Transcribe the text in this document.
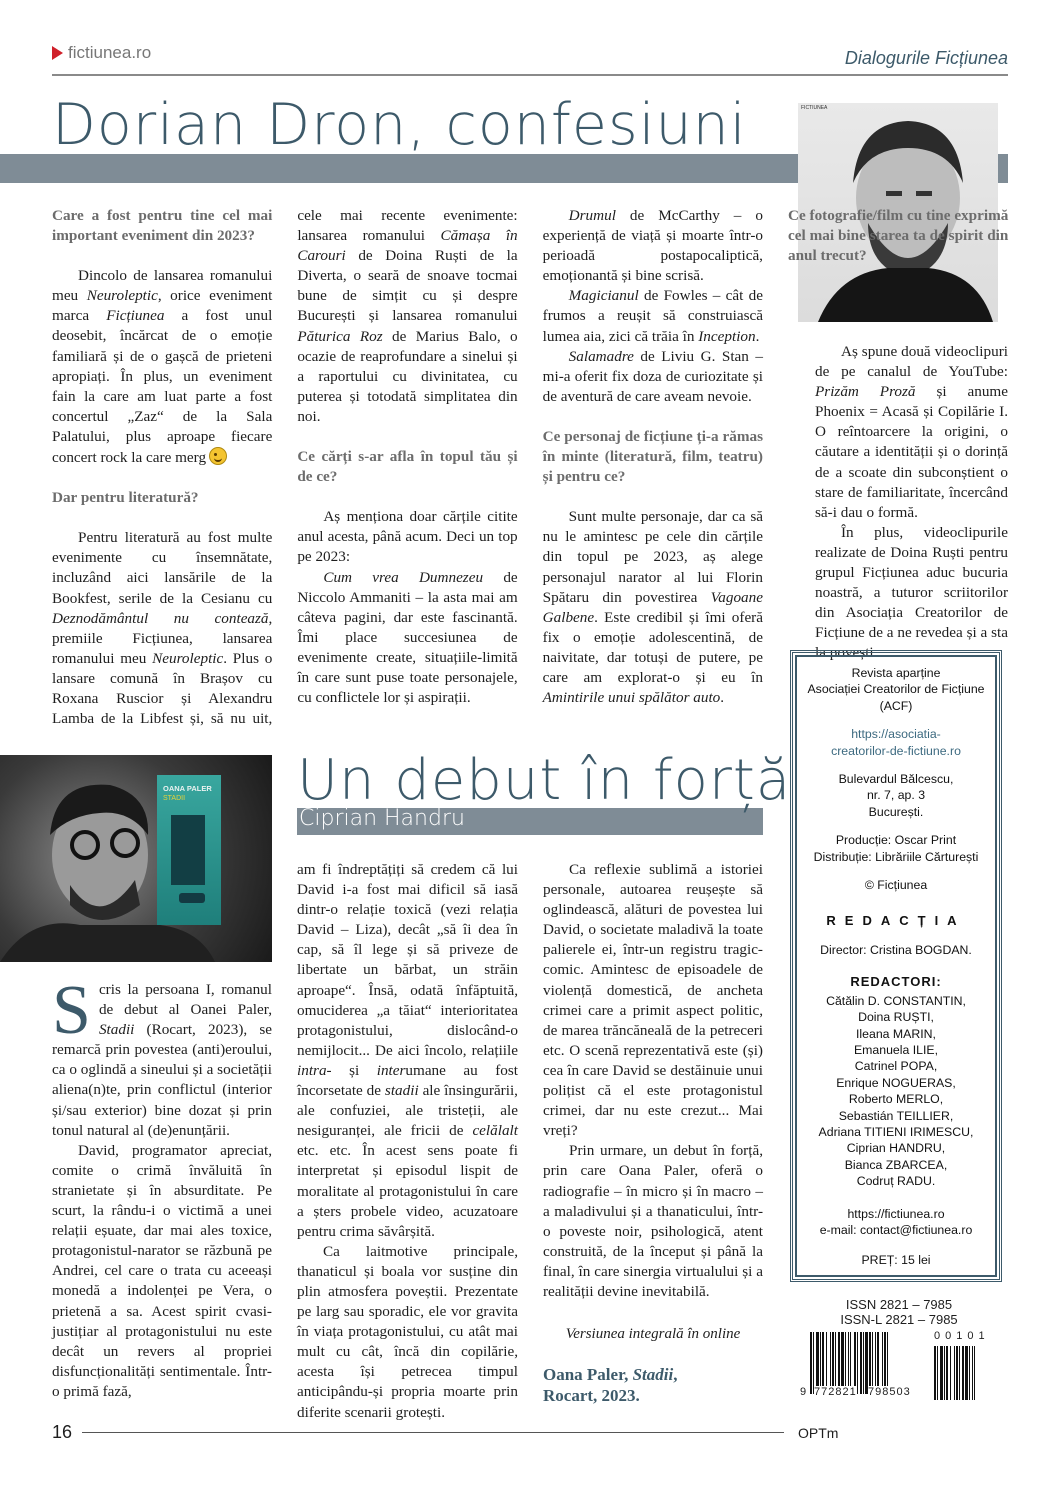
fictiunea.ro	Dialogurile Ficțiunea
Dorian Dron, confesiuni	FICTIUNEA

Care a fost pentru tine cel mai important eveniment din 2023?

Dincolo de lansarea romanului meu Neuroleptic, orice eveniment marca Ficțiunea a fost unul deosebit, încărcat de o emoție familiară și de o gașcă de prieteni apropiați. În plus, un eveniment fain la care am luat parte a fost concertul „Zaz“ de la Sala Palatului, plus aproape fiecare concert rock la care merg

Dar pentru literatură?

Pentru literatură au fost multe evenimente cu însemnătate, incluzând aici lansările de la Bookfest, serile de la Cesianu cu Deznodământul nu contează, premiile Ficțiunea, lansarea romanului meu Neuroleptic. Plus o lansare comună în Brașov cu Roxana Ruscior și Alexandru Lamba de la Libfest și, să nu uit, cele mai recente evenimente: lansarea romanului Cămașa în Carouri de Doina Ruști de la Diverta, o seară de snoave tocmai bune de simțit cu și despre București și lansarea romanului Păturica Roz de Marius Balo, o ocazie de reaprofundare a sinelui și a raportului cu divinitatea, cu puterea și totodată simplitatea din noi.

Ce cărți s-ar afla în topul tău și de ce?

Aș menționa doar cărțile citite anul acesta, până acum. Deci un top pe 2023:

Cum vrea Dumnezeu de Niccolo Ammaniti – la asta mai am câteva pagini, dar este fascinantă. Îmi place succesiunea de evenimente create, situațiile-limită în care sunt puse toate personajele, cu conflictele lor și aspirații.

Drumul de McCarthy – o experiență de viață și moarte într-o perioadă postapocaliptică, emoționantă și bine scrisă.

Magicianul de Fowles – cât de frumos a reușit să construiască lumea aia, zici că trăia în Inception.

Salamadre de Liviu G. Stan – mi-a oferit fix doza de curiozitate și de aventură de care aveam nevoie.

Ce personaj de ficțiune ți-a rămas în minte (literatură, film, teatru) și pentru ce?

Sunt multe personaje, dar ca să nu le amintesc pe cele din cărțile din topul pe 2023, aș alege personajul narator al lui Florin Spătaru din povestirea Vagoane Galbene. Este credibil și îmi oferă fix o emoție adolescentină, de naivitate, dar totuși de putere, pe care am explorat-o și eu în Amintirile unui spălător auto.

Ce fotografie/film cu tine exprimă cel mai bine starea ta de spirit din anul trecut?

Aș spune două videoclipuri de pe canalul de YouTube: Prizăm Proză și anume Phoenix = Acasă și Copilărie I. O reîntoarcere la origini, o căutare a identității și o dorință de a scoate din subconștient o stare de familiaritate, încercând să-i dau o formă.

În plus, videoclipurile realizate de Doina Ruști pentru grupul Ficțiunea aduc bucuria noastră, a tuturor scriitorilor din Asociația Creatorilor de Ficțiune de a ne revedea și a sta la povești.

Revista aparține
Asociației Creatorilor de Ficțiune
(ACF)
https://asociatia-
creatorilor-de-fictiune.ro
Bulevardul Bălcescu,
nr. 7, ap. 3
București.
Producție: Oscar Print
Distribuție: Librăriile Cărturești
© Ficțiunea
REDACȚIA
Director: Cristina BOGDAN.
REDACTORI:
Cătălin D. CONSTANTIN,
Doina RUȘTI,
Ileana MARIN,
Emanuela ILIE,
Catrinel POPA,
Enrique NOGUERAS,
Roberto MERLO,
Sebastián TEILLIER,
Adriana TITIENI IRIMESCU,
Ciprian HANDRU,
Bianca ZBARCEA,
Codruț RADU.
https://fictiunea.ro
e-mail: contact@fictiunea.ro
PREȚ: 15 lei
ISSN 2821 – 7985
ISSN-L 2821 – 7985
9 772821 798503
00101
OANA PALER
STADII Un debut în forță
Ciprian Handru

Scris la persoana I, romanul de debut al Oanei Paler, Stadii (Rocart, 2023), se remarcă prin povestea (anti)eroului, ca o oglindă a sineului și a societății aliena(n)te, prin conflictul (interior și/sau exterior) bine dozat și prin tonul natural al (de)enunțării.

David, programator apreciat, comite o crimă învăluită în stranietate și în absurditate. Pe scurt, la rându-i o victimă a unei relații eșuate, dar mai ales toxice, protagonistul-narator se răzbună pe Andrei, cel care o trata cu aceeași monedă a indolenței pe Vera, o prietenă a sa. Acest spirit cvasi-justițiar al protagonistului nu este decât un revers al propriei disfuncționalități sentimentale. Într-o primă fază,

am fi îndreptățiți să credem că lui David i-a fost mai dificil să iasă dintr-o relație toxică (vezi relația David – Liza), decât „să îi dea în cap, să îl lege și să priveze de libertate un bărbat, un străin aproape“. Însă, odată înfăptuită, omuciderea „a tăiat“ interioritatea protagonistului, dislocând-o nemijlocit... De aici încolo, relațiile intra- și interumane au fost încorsetate de stadii ale însingurării, ale confuziei, ale tristeții, ale nesiguranței, ale fricii de celălalt etc. etc. În acest sens poate fi interpretat și episodul lispit de moralitate al protagonistului în care a șters probele video, acuzatoare pentru crima săvârșită.

Ca laitmotive principale, thanaticul și boala vor susține din plin atmosfera poveștii. Prezentate pe larg sau sporadic, ele vor gravita în viața protagonistului, cu atât mai mult cu cât, încă din copilărie, acesta își petrecea timpul anticipându-și propria moarte prin diferite scenarii grotești.

Ca reflexie sublimă a istoriei personale, autoarea reușește să oglindească, alături de povestea lui David, o societate maladivă la toate palierele ei, într-un registru tragic-comic. Amintesc de episoadele de violență domestică, de ancheta crimei care a primit aspect politic, de marea trăncăneală de la petreceri etc. O scenă reprezentativă este (și) cea în care David se destăinuie unui polițist că el este protagonistul crimei, dar nu este crezut... Mai vreți?

Prin urmare, un debut în forță, prin care Oana Paler, oferă o radiografie – în micro și în macro – a maladivului și a thanaticului, într-o poveste noir, psihologică, atent construită, de la început și până la final, în care sinergia virtualului și a realității devine inevitabilă.

Versiunea integrală în online
Oana Paler, Stadii,
Rocart, 2023.
16	OPTm
